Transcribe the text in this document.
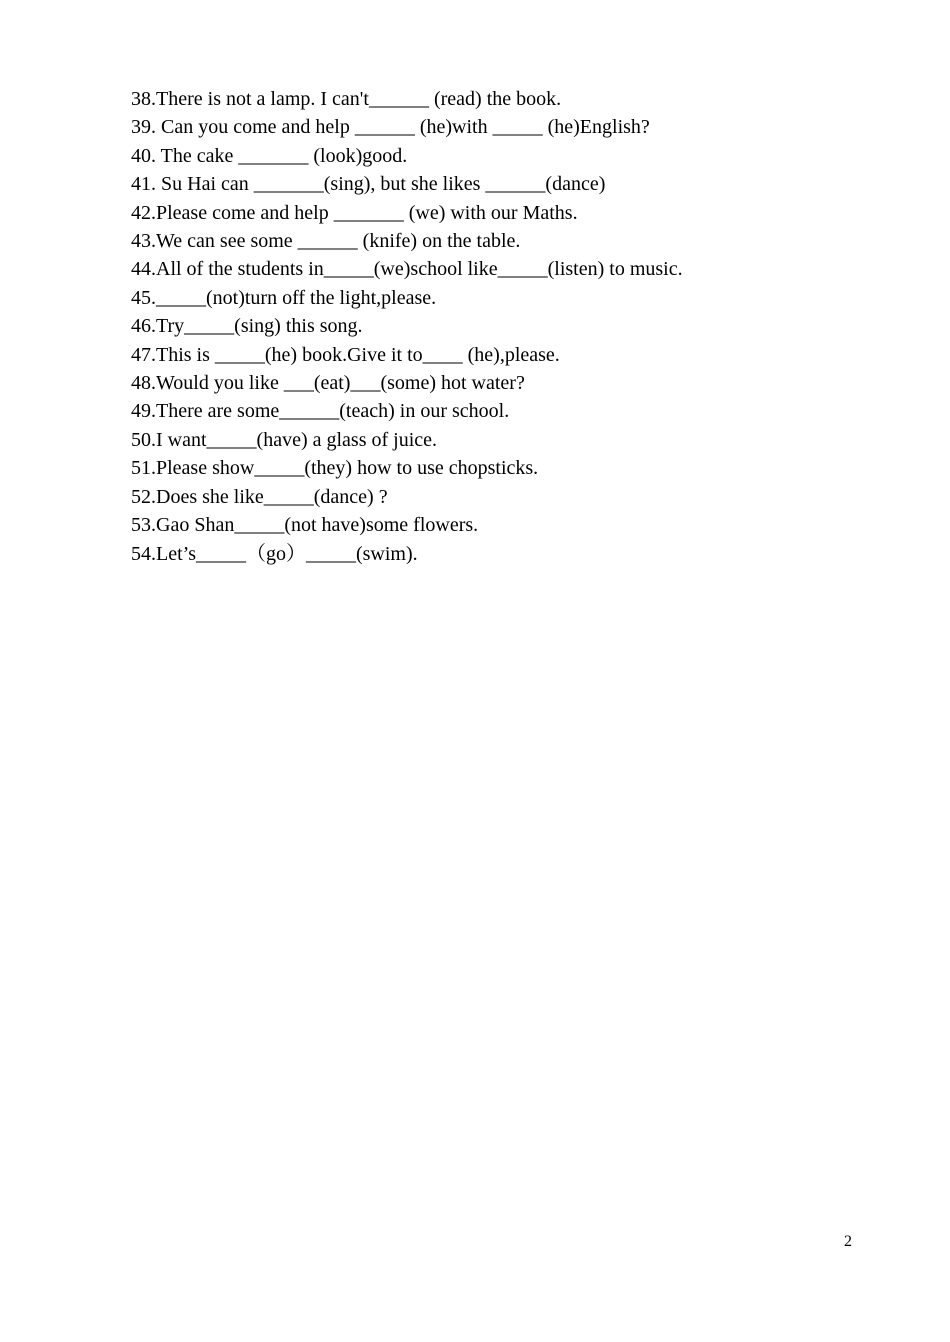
38.There is not a lamp. I can't______ (read) the book.
39. Can you come and help ______ (he)with _____ (he)English?
40. The cake _______ (look)good.
41. Su Hai can _______(sing), but she likes ______(dance)
42.Please come and help _______ (we) with our Maths.
43.We can see some ______ (knife) on the table.
44.All of the students in_____(we)school like_____(listen) to music.
45._____(not)turn off the light,please.
46.Try_____(sing) this song.
47.This is _____(he) book.Give it to____ (he),please.
48.Would you like ___(eat)___(some) hot water?
49.There are some______(teach) in our school.
50.I want_____(have) a glass of juice.
51.Please show_____(they) how to use chopsticks.
52.Does she like_____(dance) ?
53.Gao Shan_____(not have)some flowers.
54.Let’s_____（go）_____(swim).
2
